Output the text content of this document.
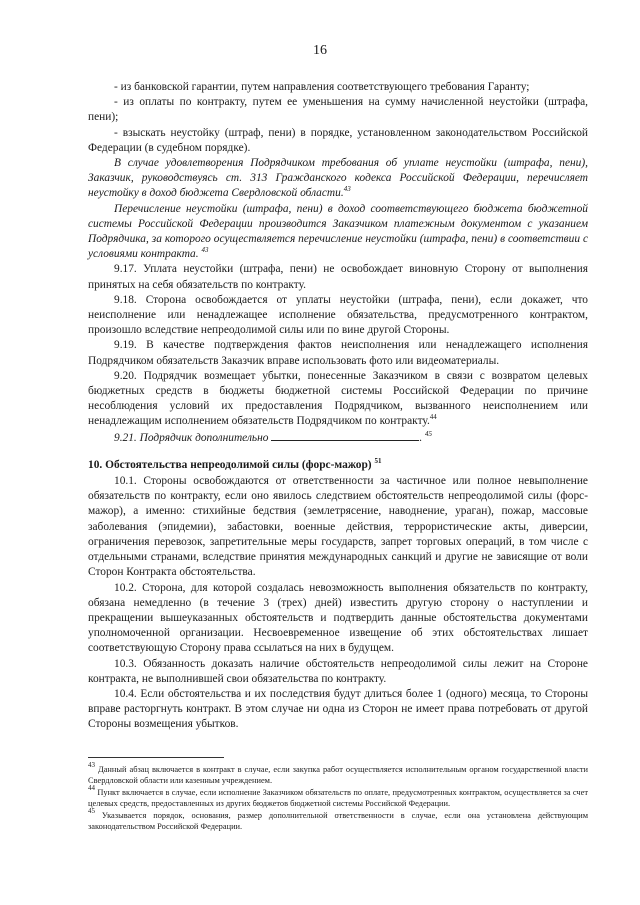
16

- из банковской гарантии, путем направления соответствующего требования Гаранту;

- из оплаты по контракту, путем ее уменьшения на сумму начисленной неустойки (штрафа, пени);

- взыскать неустойку (штраф, пени) в порядке, установленном законодательством Российской Федерации (в судебном порядке).

В случае удовлетворения Подрядчиком требования об уплате неустойки (штрафа, пени), Заказчик, руководствуясь ст. 313 Гражданского кодекса Российской Федерации, перечисляет неустойку в доход бюджета Свердловской области.$^{43}$

Перечисление неустойки (штрафа, пени) в доход соответствующего бюджета бюджетной системы Российской Федерации производится Заказчиком платежным документом с указанием Подрядчика, за которого осуществляется перечисление неустойки (штрафа, пени) в соответствии с условиями контракта. $^{43}$

9.17. Уплата неустойки (штрафа, пени) не освобождает виновную Сторону от выполнения принятых на себя обязательств по контракту.

9.18. Сторона освобождается от уплаты неустойки (штрафа, пени), если докажет, что неисполнение или ненадлежащее исполнение обязательства, предусмотренного контрактом, произошло вследствие непреодолимой силы или по вине другой Стороны.

9.19. В качестве подтверждения фактов неисполнения или ненадлежащего исполнения Подрядчиком обязательств Заказчик вправе использовать фото или видеоматериалы.

9.20. Подрядчик возмещает убытки, понесенные Заказчиком в связи с возвратом целевых бюджетных средств в бюджеты бюджетной системы Российской Федерации по причине несоблюдения условий их предоставления Подрядчиком, вызванного неисполнением или ненадлежащим исполнением обязательств Подрядчиком по контракту.$^{44}$

9.21. Подрядчик дополнительно	. $^{45}$

10. Обстоятельства непреодолимой силы (форс-мажор) $^{51}$

10.1. Стороны освобождаются от ответственности за частичное или полное невыполнение обязательств по контракту, если оно явилось следствием обстоятельств непреодолимой силы (форс-мажор), а именно: стихийные бедствия (землетрясение, наводнение, ураган), пожар, массовые заболевания (эпидемии), забастовки, военные действия, террористические акты, диверсии, ограничения перевозок, запретительные меры государств, запрет торговых операций, в том числе с отдельными странами, вследствие принятия международных санкций и другие не зависящие от воли Сторон Контракта обстоятельства.

10.2. Сторона, для которой создалась невозможность выполнения обязательств по контракту, обязана немедленно (в течение 3 (трех) дней) известить другую сторону о наступлении и прекращении вышеуказанных обстоятельств и подтвердить данные обстоятельства документами уполномоченной организации. Несвоевременное извещение об этих обстоятельствах лишает соответствующую Сторону права ссылаться на них в будущем.

10.3. Обязанность доказать наличие обстоятельств непреодолимой силы лежит на Стороне контракта, не выполнившей свои обязательства по контракту.

10.4. Если обстоятельства и их последствия будут длиться более 1 (одного) месяца, то Стороны вправе расторгнуть контракт. В этом случае ни одна из Сторон не имеет права потребовать от другой Стороны возмещения убытков.

$^{43}$ Данный абзац включается в контракт в случае, если закупка работ осуществляется исполнительным органом государственной власти Свердловской области или казенным учреждением.

$^{44}$ Пункт включается в случае, если исполнение Заказчиком обязательств по оплате, предусмотренных контрактом, осуществляется за счет целевых средств, предоставленных из других бюджетов бюджетной системы Российской Федерации.

$^{45}$ Указывается порядок, основания, размер дополнительной ответственности в случае, если она установлена действующим законодательством Российской Федерации.
